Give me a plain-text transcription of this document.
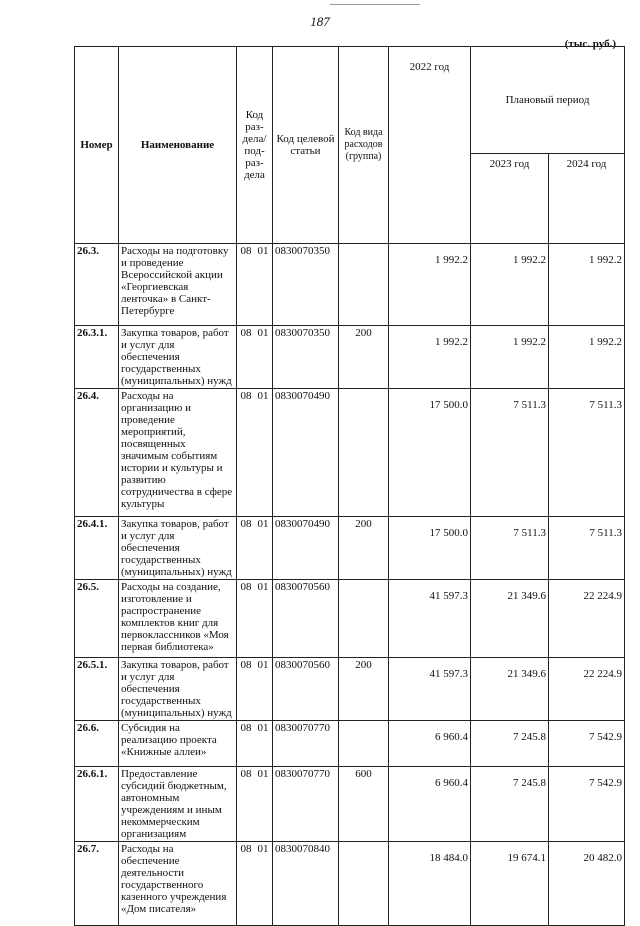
187
(тыс. руб.)
Номер	Наименование	Код раз-дела/ под-раз-дела	Код целевой статьи	Код вида расходов (группа)	2022 год	Плановый период	
						2023 год	2024 год
26.3.	Расходы на подготовку и проведение Всероссийской акции «Георгиевская ленточка» в Санкт-Петербурге	08 01	0830070350		1 992.2	1 992.2	1 992.2
26.3.1.	Закупка товаров, работ и услуг для обеспечения государственных (муниципальных) нужд	08 01	0830070350	200	1 992.2	1 992.2	1 992.2
26.4.	Расходы на организацию и проведение мероприятий, посвященных значимым событиям истории и культуры и развитию сотрудничества в сфере культуры	08 01	0830070490		17 500.0	7 511.3	7 511.3
26.4.1.	Закупка товаров, работ и услуг для обеспечения государственных (муниципальных) нужд	08 01	0830070490	200	17 500.0	7 511.3	7 511.3
26.5.	Расходы на создание, изготовление и распространение комплектов книг для первоклассников «Моя первая библиотека»	08 01	0830070560		41 597.3	21 349.6	22 224.9
26.5.1.	Закупка товаров, работ и услуг для обеспечения государственных (муниципальных) нужд	08 01	0830070560	200	41 597.3	21 349.6	22 224.9
26.6.	Субсидия на реализацию проекта «Книжные аллеи»	08 01	0830070770		6 960.4	7 245.8	7 542.9
26.6.1.	Предоставление субсидий бюджетным, автономным учреждениям и иным некоммерческим организациям	08 01	0830070770	600	6 960.4	7 245.8	7 542.9
26.7.	Расходы на обеспечение деятельности государственного казенного учреждения «Дом писателя»	08 01	0830070840		18 484.0	19 674.1	20 482.0
